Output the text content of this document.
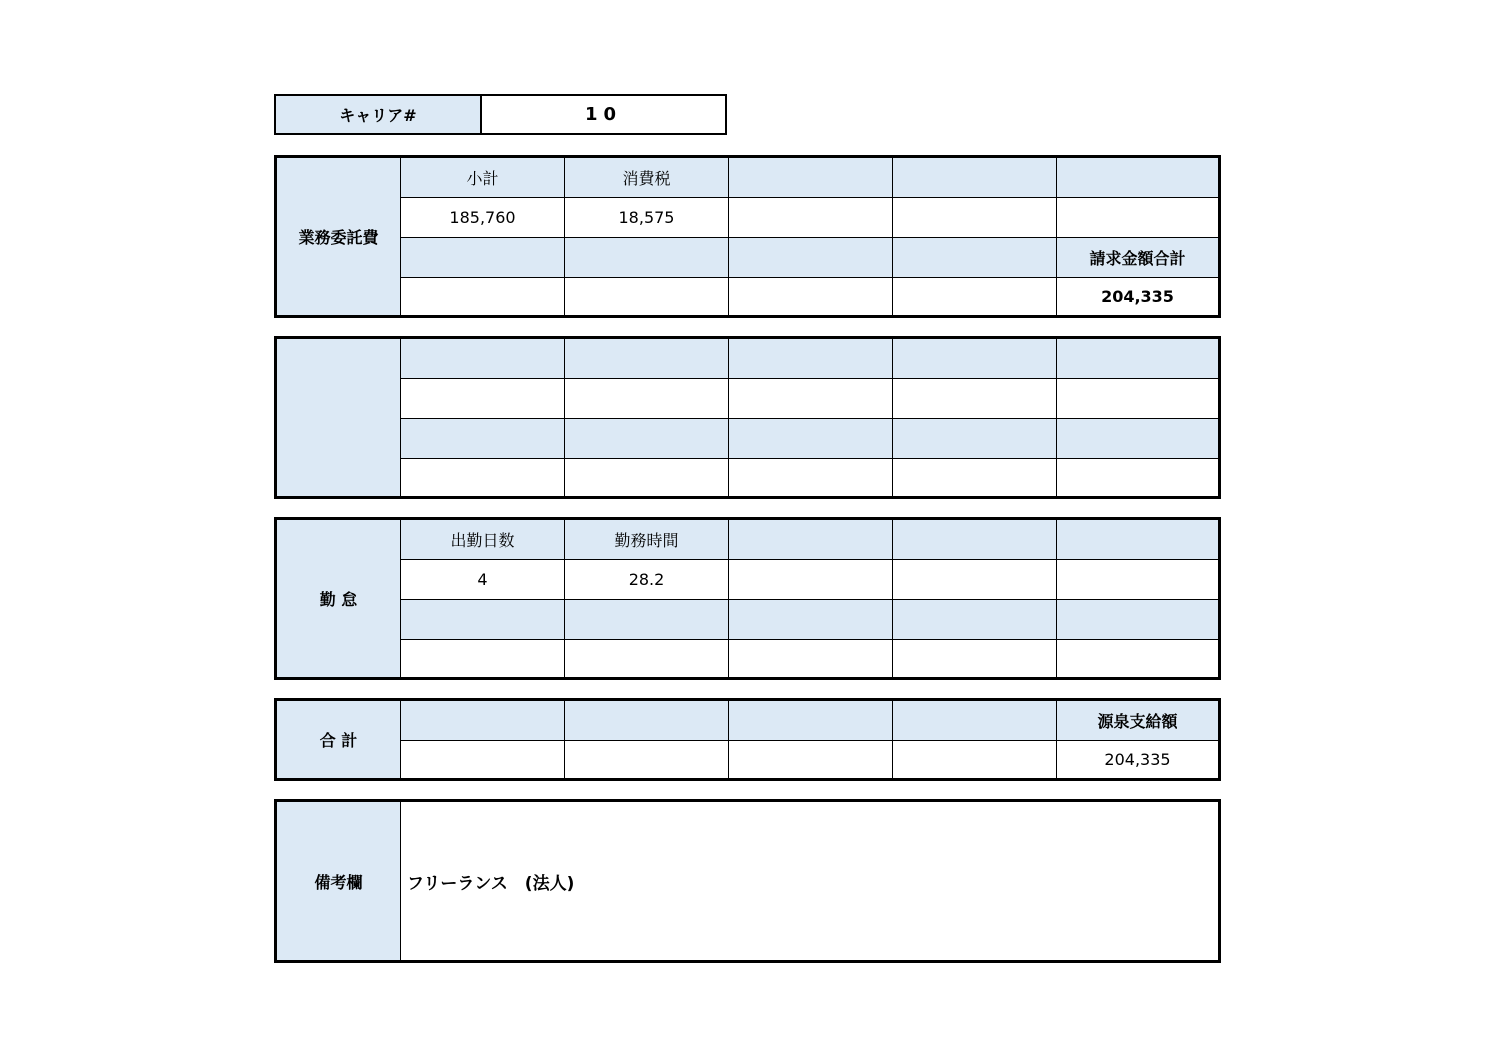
キャリア#	10
業務委託費
小計	消費税
185,760	18,575
請求金額合計
204,335
勤 怠
出勤日数	勤務時間
4	28.2
合 計
源泉支給額
204,335
備考欄	フリーランス　(法人)
